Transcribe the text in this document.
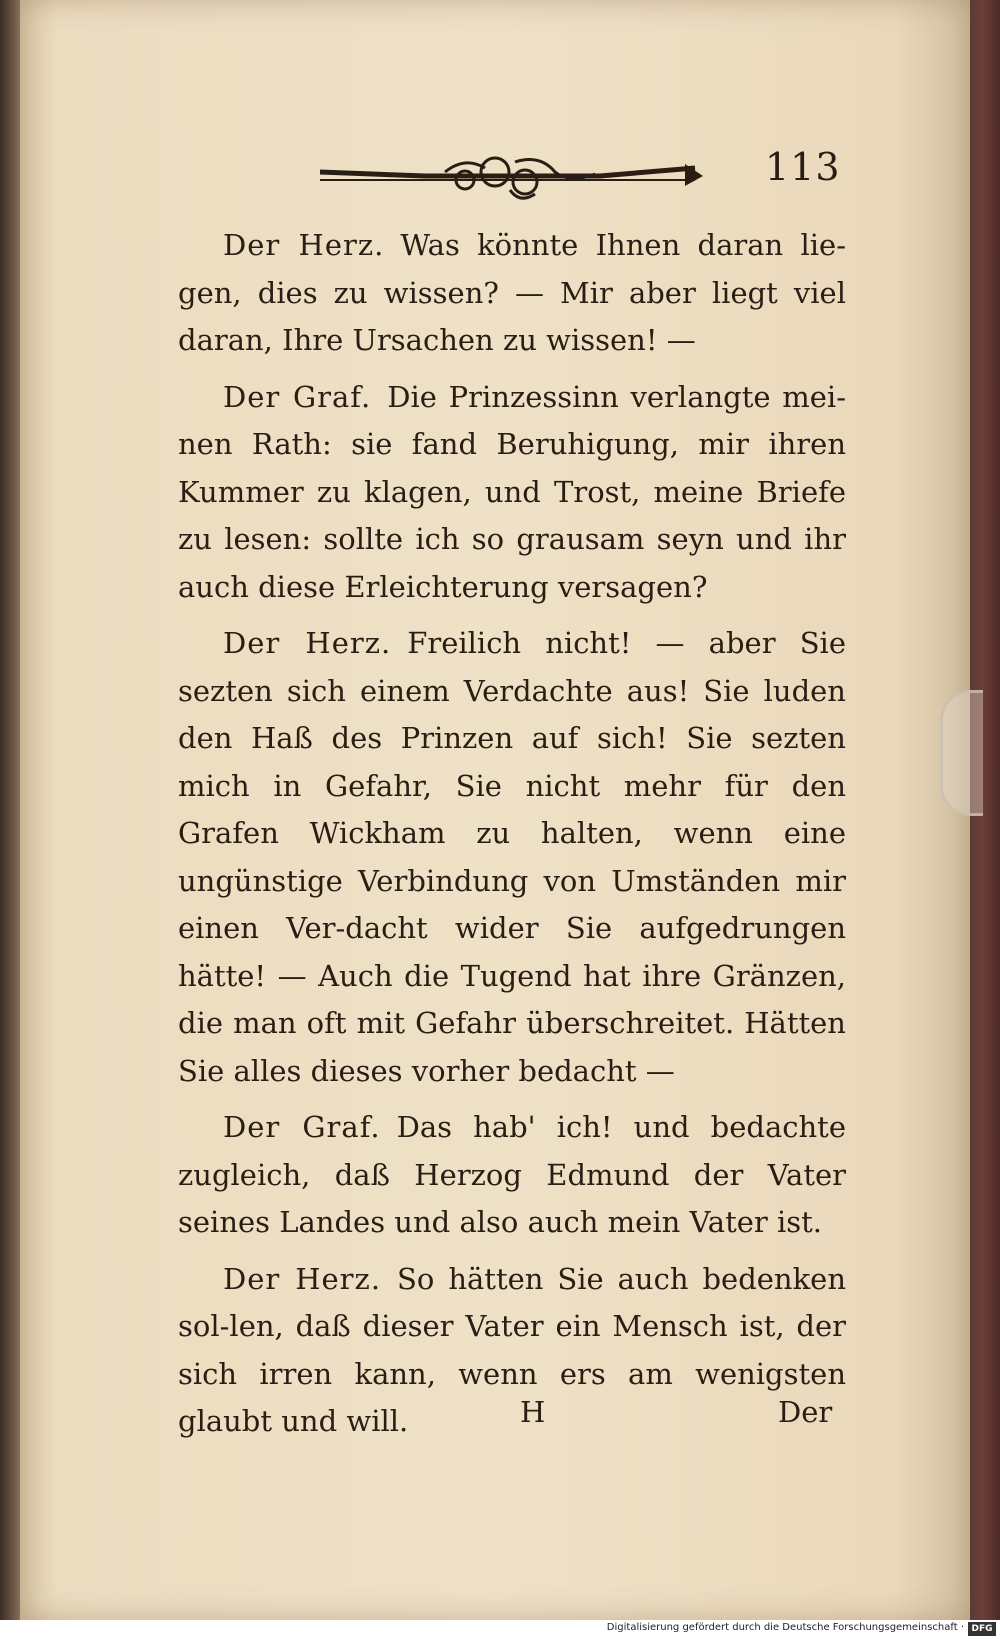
113

Der Herz. Was könnte Ihnen daran lie-gen, dies zu wissen? — Mir aber liegt viel daran, Ihre Ursachen zu wissen! —

Der Graf. Die Prinzessinn verlangte mei-nen Rath: sie fand Beruhigung, mir ihren Kummer zu klagen, und Trost, meine Briefe zu lesen: sollte ich so grausam seyn und ihr auch diese Erleichterung versagen?

Der Herz. Freilich nicht! — aber Sie sezten sich einem Verdachte aus! Sie luden den Haß des Prinzen auf sich! Sie sezten mich in Gefahr, Sie nicht mehr für den Grafen Wickham zu halten, wenn eine ungünstige Verbindung von Umständen mir einen Ver-dacht wider Sie aufgedrungen hätte! — Auch die Tugend hat ihre Gränzen, die man oft mit Gefahr überschreitet. Hätten Sie alles dieses vorher bedacht —

Der Graf. Das hab' ich! und bedachte zugleich, daß Herzog Edmund der Vater seines Landes und also auch mein Vater ist.

Der Herz. So hätten Sie auch bedenken sol-len, daß dieser Vater ein Mensch ist, der sich irren kann, wenn ers am wenigsten glaubt und will.	H	Der
Digitalisierung gefördert durch die Deutsche Forschungsgemeinschaft · DFG
